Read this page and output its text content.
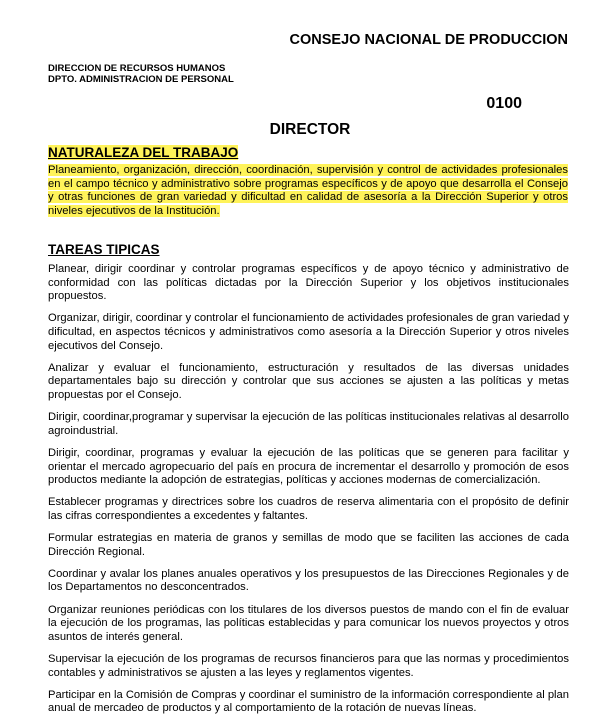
CONSEJO NACIONAL DE PRODUCCION
DIRECCION DE RECURSOS HUMANOS
DPTO. ADMINISTRACION DE PERSONAL
0100
DIRECTOR
NATURALEZA DEL TRABAJO
Planeamiento, organización, dirección, coordinación, supervisión y control de actividades profesionales en el campo técnico y administrativo sobre programas específicos y de apoyo que desarrolla el Consejo y otras funciones de gran variedad y dificultad en calidad de asesoría a la Dirección Superior y otros niveles ejecutivos de la Institución.
TAREAS TIPICAS
Planear, dirigir coordinar y controlar programas específicos y de apoyo técnico y administrativo de conformidad con las políticas dictadas por la Dirección Superior y los objetivos institucionales propuestos.
Organizar, dirigir, coordinar y controlar el funcionamiento de actividades profesionales de gran variedad y dificultad, en aspectos técnicos y administrativos como asesoría a la Dirección Superior y otros niveles ejecutivos del Consejo.
Analizar y evaluar el funcionamiento, estructuración y resultados de las diversas unidades departamentales bajo su dirección y controlar que sus acciones se ajusten a las políticas y metas propuestas por el Consejo.
Dirigir, coordinar,programar y supervisar la ejecución de las políticas institucionales relativas al desarrollo agroindustrial.
Dirigir, coordinar, programas y evaluar la ejecución de las políticas que se generen para facilitar y orientar el mercado agropecuario del país en procura de incrementar el desarrollo y promoción de esos productos mediante la adopción de estrategias, políticas y acciones modernas de comercialización.
Establecer programas y directrices sobre los cuadros de reserva alimentaria con el propósito de definir las cifras correspondientes a excedentes y faltantes.
Formular estrategias en materia de granos y semillas de modo que se faciliten las acciones de cada Dirección Regional.
Coordinar y avalar los planes anuales operativos y los presupuestos de las Direcciones Regionales y de los Departamentos no desconcentrados.
Organizar reuniones periódicas con los titulares de los diversos puestos de mando con el fin de evaluar la ejecución de los programas, las políticas establecidas y para comunicar los nuevos proyectos y otros asuntos de interés general.
Supervisar la ejecución de los programas de recursos financieros para que las normas y procedimientos contables y administrativos se ajusten a las leyes y reglamentos vigentes.
Participar en la Comisión de Compras y coordinar el suministro de la información correspondiente al plan anual de mercadeo de productos y al comportamiento de la rotación de nuevas líneas.
